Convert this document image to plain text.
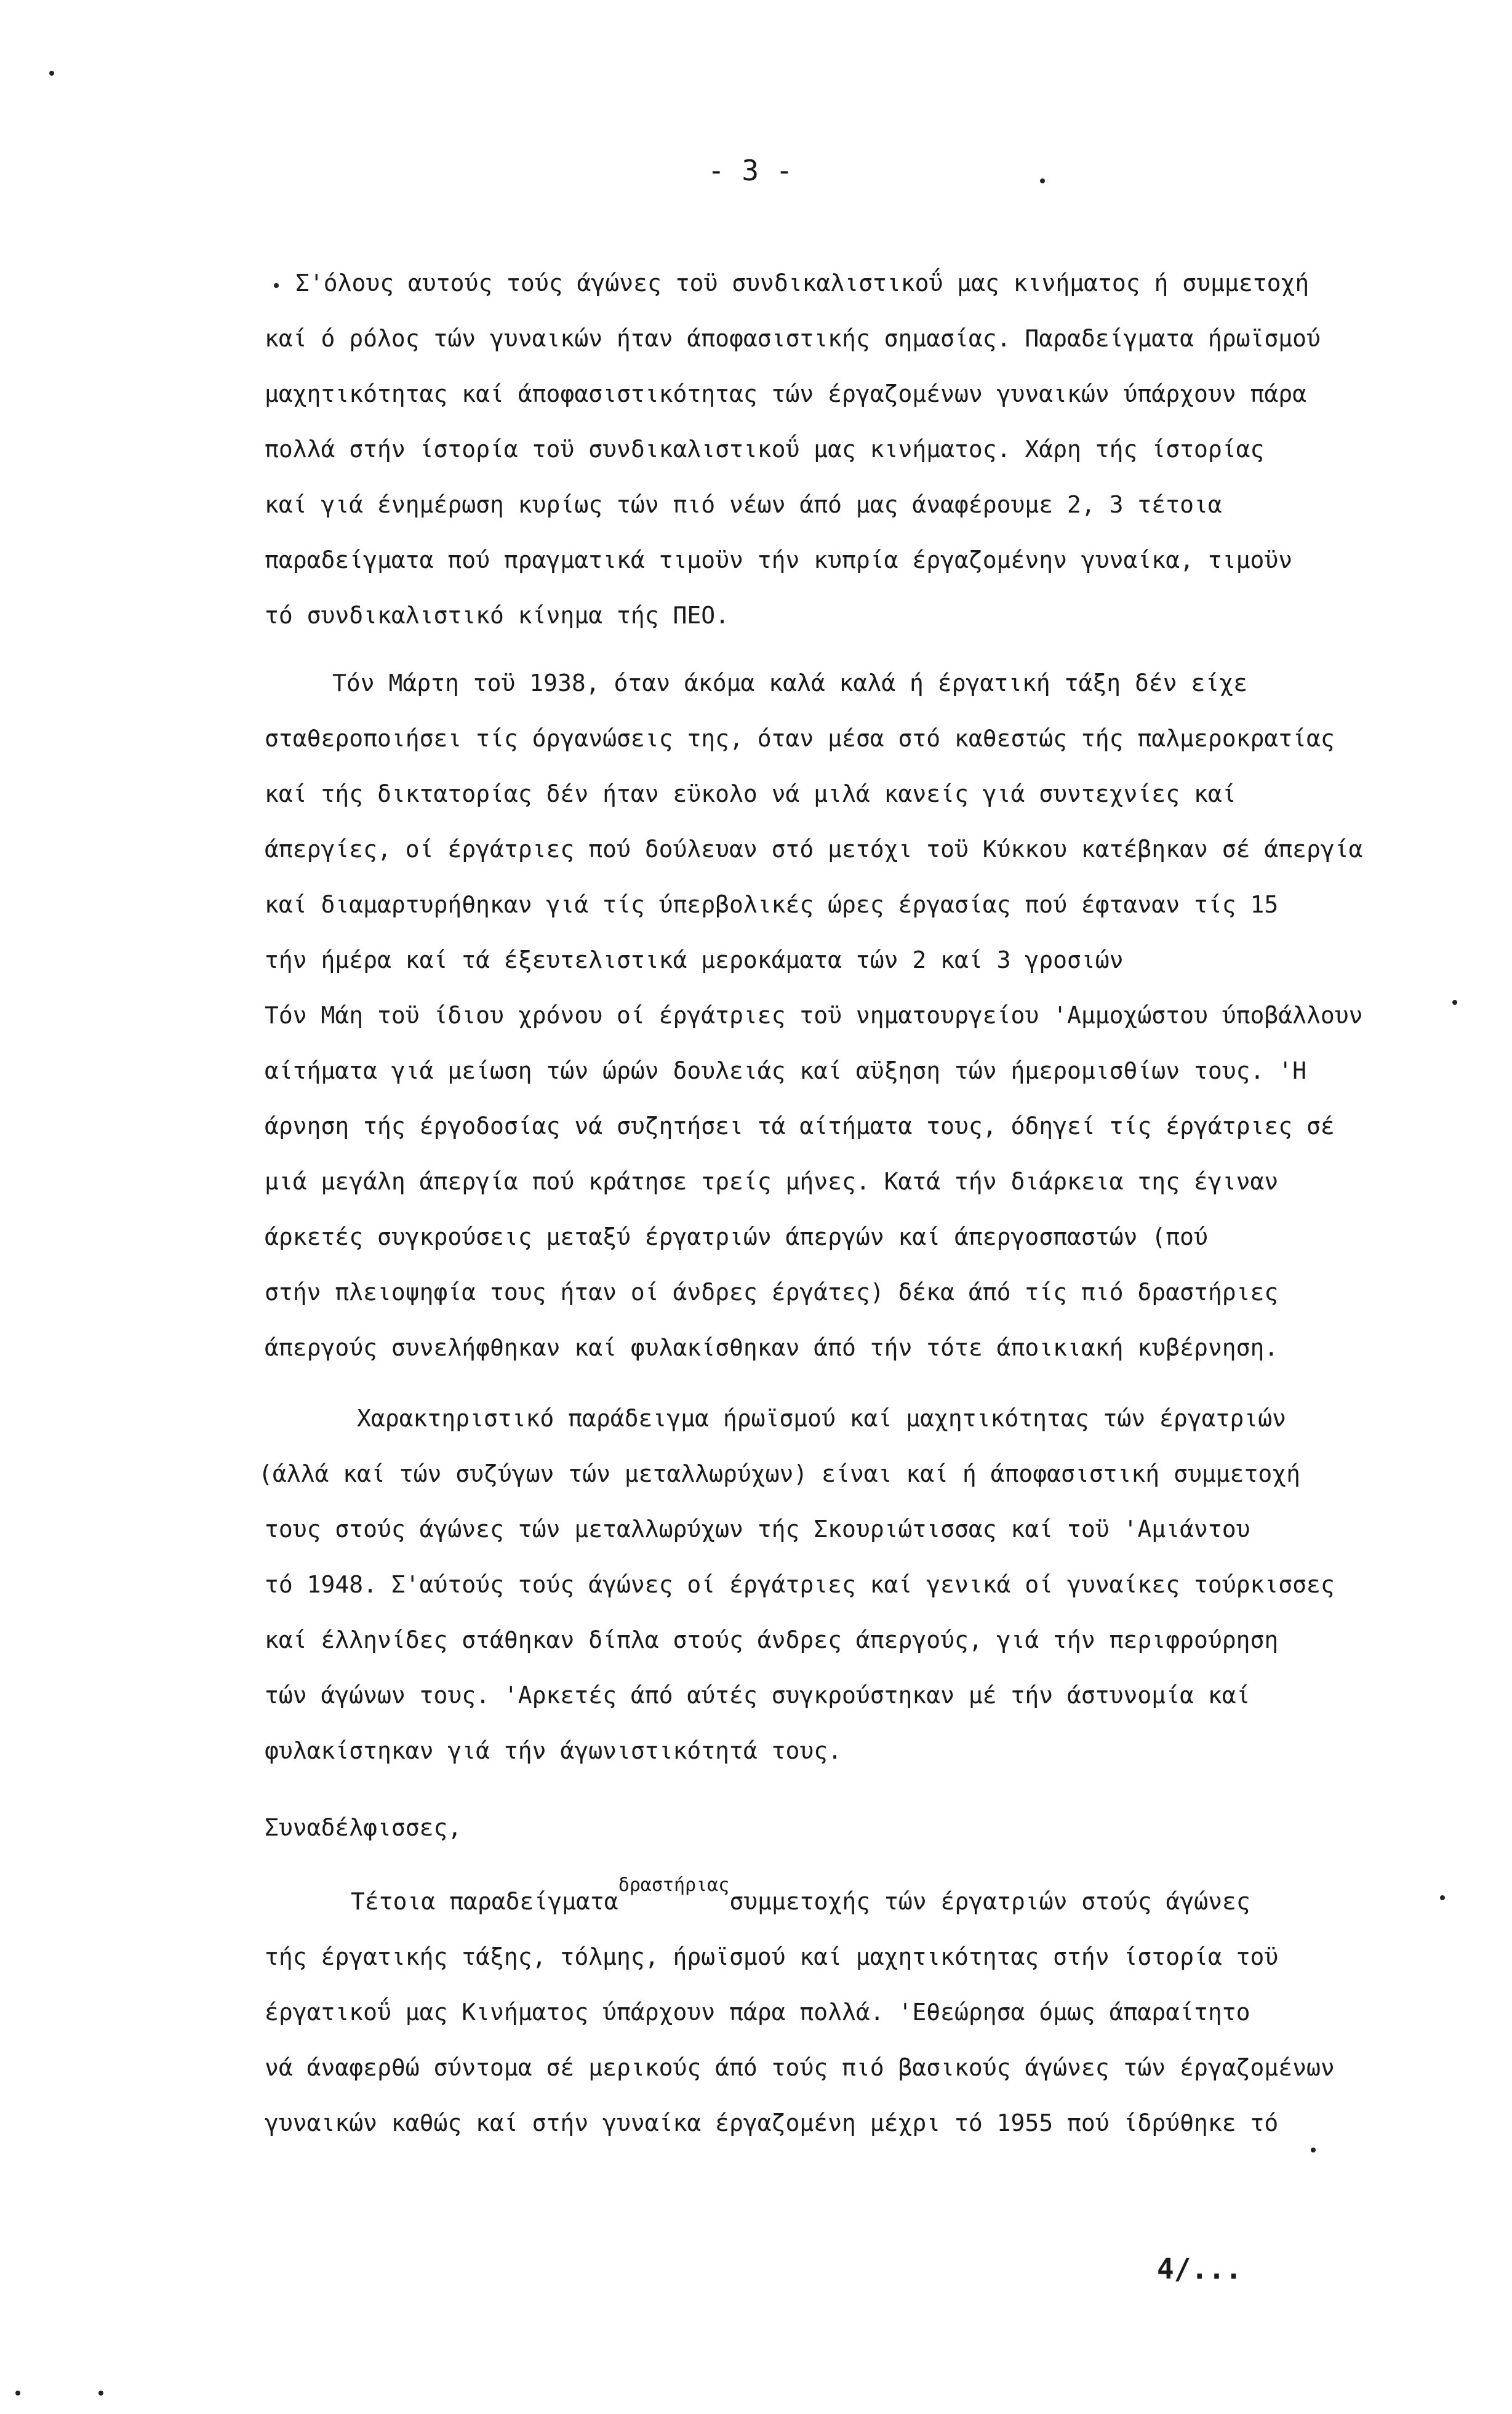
- 3 -
Σ'όλους αυτούς τούς άγώνες τοϋ συνδικαλιστικοΰ μας κινήματος ή συμμετοχή
καί ό ρόλος τών γυναικών ήταν άποφασιστικής σημασίας. Παραδείγματα ήρωϊσμού
μαχητικότητας καί άποφασιστικότητας τών έργαζομένων γυναικών ύπάρχουν πάρα
πολλά στήν ίστορία τοϋ συνδικαλιστικοΰ μας κινήματος. Χάρη τής ίστορίας
καί γιά ένημέρωση κυρίως τών πιό νέων άπό μας άναφέρουμε 2, 3 τέτοια
παραδείγματα πού πραγματικά τιμοϋν τήν κυπρία έργαζομένην γυναίκα, τιμοϋν
τό συνδικαλιστικό κίνημα τής ΠΕΟ.
Τόν Μάρτη τοϋ 1938, όταν άκόμα καλά καλά ή έργατική τάξη δέν είχε
σταθεροποιήσει τίς όργανώσεις της, όταν μέσα στό καθεστώς τής παλμεροκρατίας
καί τής δικτατορίας δέν ήταν εϋκολο νά μιλά κανείς γιά συντεχνίες καί
άπεργίες, οί έργάτριες πού δούλευαν στό μετόχι τοϋ Κύκκου κατέβηκαν σέ άπεργία
καί διαμαρτυρήθηκαν γιά τίς ύπερβολικές ώρες έργασίας πού έφταναν τίς 15
τήν ήμέρα καί τά έξευτελιστικά μεροκάματα τών 2 καί 3 γροσιών
Τόν Μάη τοϋ ίδιου χρόνου οί έργάτριες τοϋ νηματουργείου 'Αμμοχώστου ύποβάλλουν
αίτήματα γιά μείωση τών ώρών δουλειάς καί αϋξηση τών ήμερομισθίων τους. 'Η
άρνηση τής έργοδοσίας νά συζητήσει τά αίτήματα τους, όδηγεί τίς έργάτριες σέ
μιά μεγάλη άπεργία πού κράτησε τρείς μήνες. Κατά τήν διάρκεια της έγιναν
άρκετές συγκρούσεις μεταξύ έργατριών άπεργών καί άπεργοσπαστών (πού
στήν πλειοψηφία τους ήταν οί άνδρες έργάτες) δέκα άπό τίς πιό δραστήριες
άπεργούς συνελήφθηκαν καί φυλακίσθηκαν άπό τήν τότε άποικιακή κυβέρνηση.
Χαρακτηριστικό παράδειγμα ήρωϊσμού καί μαχητικότητας τών έργατριών
(άλλά καί τών συζύγων τών μεταλλωρύχων) είναι καί ή άποφασιστική συμμετοχή
τους στούς άγώνες τών μεταλλωρύχων τής Σκουριώτισσας καί τοϋ 'Αμιάντου
τό 1948. Σ'αύτούς τούς άγώνες οί έργάτριες καί γενικά οί γυναίκες τούρκισσες
καί έλληνίδες στάθηκαν δίπλα στούς άνδρες άπεργούς, γιά τήν περιφρούρηση
τών άγώνων τους. 'Αρκετές άπό αύτές συγκρούστηκαν μέ τήν άστυνομία καί
φυλακίστηκαν γιά τήν άγωνιστικότητά τους.
Συναδέλφισσες,
Τέτοια παραδείγματα$^{\delta\rho\alpha\sigma\tau ή\rho\iota\alpha\varsigma}$συμμετοχής τών έργατριών στούς άγώνες
τής έργατικής τάξης, τόλμης, ήρωϊσμού καί μαχητικότητας στήν ίστορία τοϋ
έργατικοΰ μας Κινήματος ύπάρχουν πάρα πολλά. 'Εθεώρησα όμως άπαραίτητο
νά άναφερθώ σύντομα σέ μερικούς άπό τούς πιό βασικούς άγώνες τών έργαζομένων
γυναικών καθώς καί στήν γυναίκα έργαζομένη μέχρι τό 1955 πού ίδρύθηκε τό
4/...
